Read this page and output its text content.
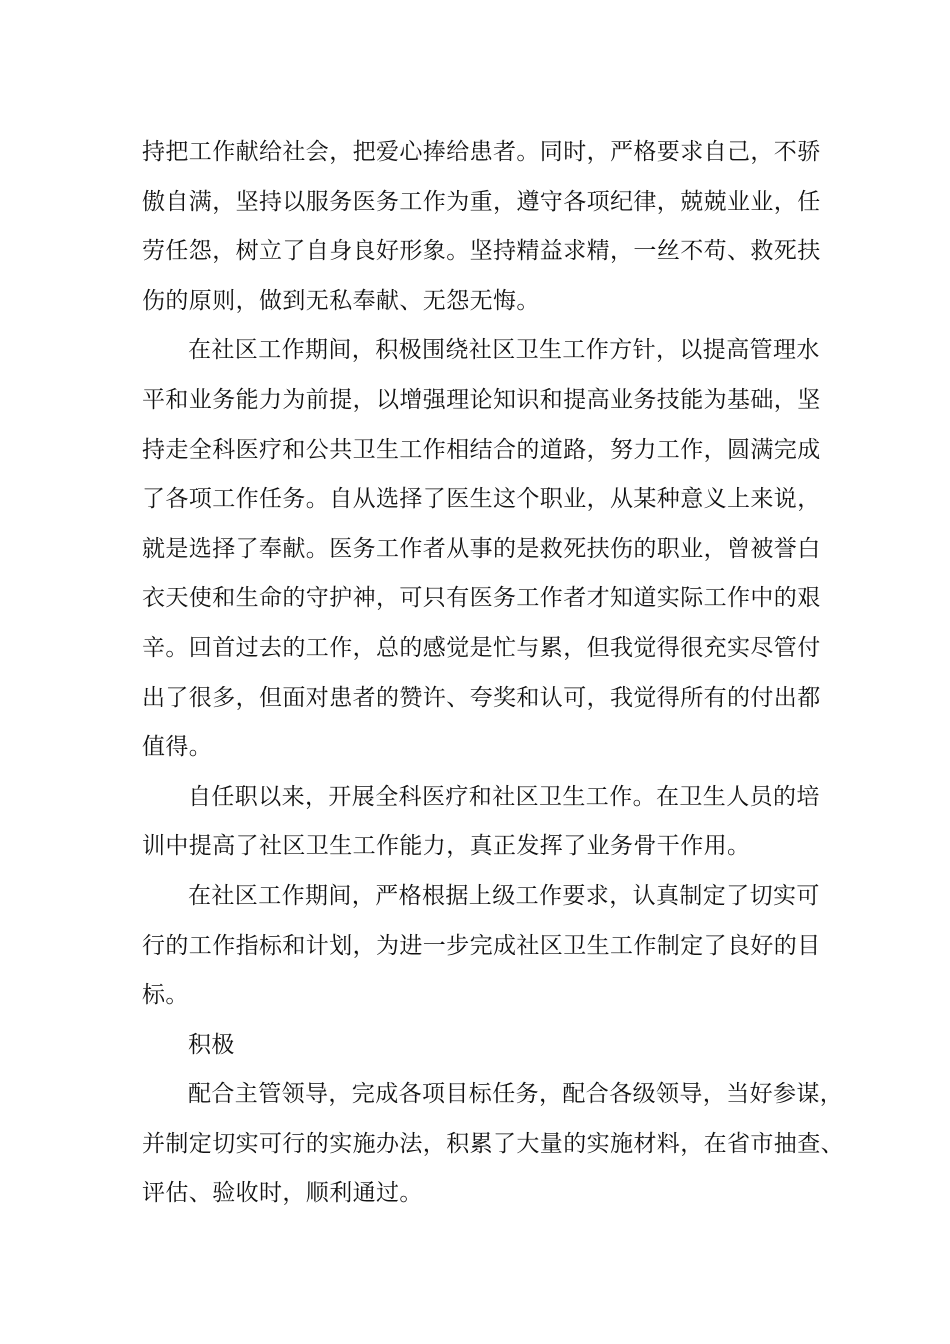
持把工作献给社会，把爱心捧给患者。同时，严格要求自己，不骄
傲自满，坚持以服务医务工作为重，遵守各项纪律，兢兢业业，任
劳任怨，树立了自身良好形象。坚持精益求精，一丝不苟、救死扶
伤的原则，做到无私奉献、无怨无悔。
在社区工作期间，积极围绕社区卫生工作方针，以提高管理水
平和业务能力为前提，以增强理论知识和提高业务技能为基础，坚
持走全科医疗和公共卫生工作相结合的道路，努力工作，圆满完成
了各项工作任务。自从选择了医生这个职业，从某种意义上来说，
就是选择了奉献。医务工作者从事的是救死扶伤的职业，曾被誉白
衣天使和生命的守护神，可只有医务工作者才知道实际工作中的艰
辛。回首过去的工作，总的感觉是忙与累，但我觉得很充实尽管付
出了很多，但面对患者的赞许、夸奖和认可，我觉得所有的付出都
值得。
自任职以来，开展全科医疗和社区卫生工作。在卫生人员的培
训中提高了社区卫生工作能力，真正发挥了业务骨干作用。
在社区工作期间，严格根据上级工作要求，认真制定了切实可
行的工作指标和计划，为进一步完成社区卫生工作制定了良好的目
标。
积极
配合主管领导，完成各项目标任务，配合各级领导，当好参谋，
并制定切实可行的实施办法，积累了大量的实施材料，在省市抽查、
评估、验收时，顺利通过。
